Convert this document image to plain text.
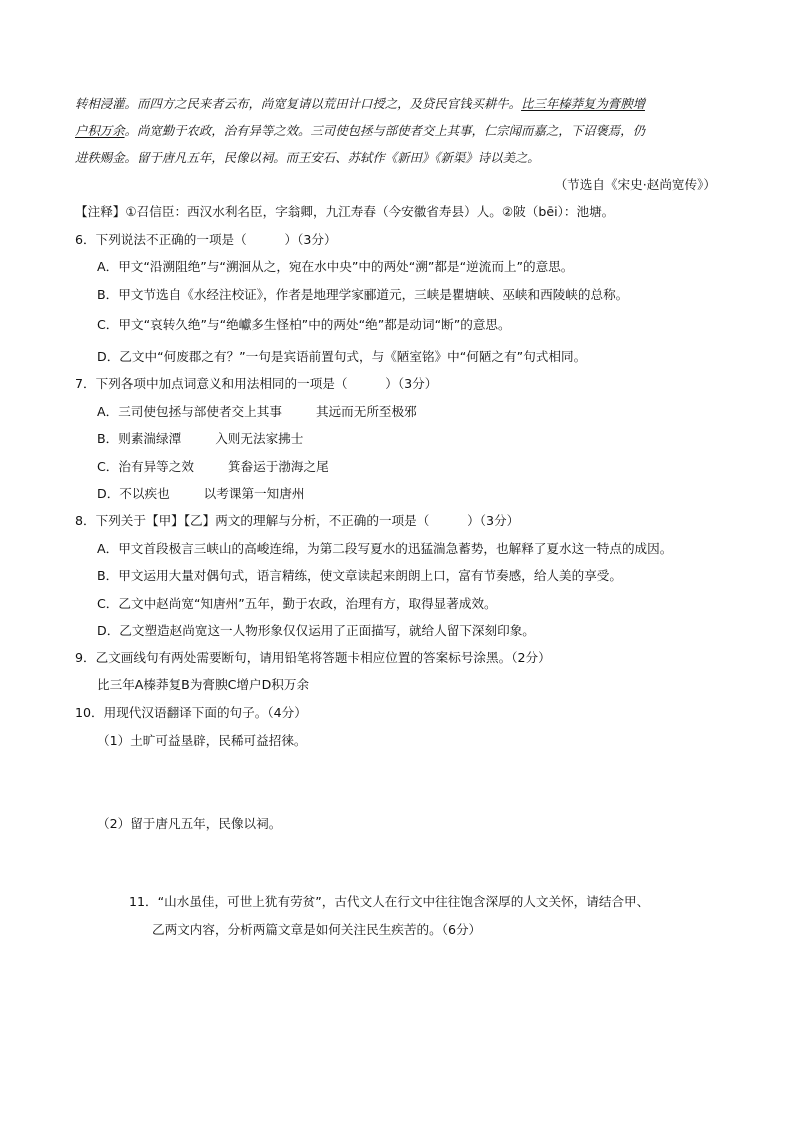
转相浸灌。而四方之民来者云布，尚宽复请以荒田计口授之，及贷民官钱买耕牛。比三年榛莽复为膏腴增
户积万余。尚宽勤于农政，治有异等之效。三司使包拯与部使者交上其事，仁宗闻而嘉之，下诏褒焉，仍
进秩赐金。留于唐凡五年，民像以祠。而王安石、苏轼作《新田》《新渠》诗以美之。
（节选自《宋史·赵尚宽传》）
【注释】①召信臣：西汉水利名臣，字翁卿，九江寿春（今安徽省寿县）人。②陂（bēi）：池塘。
6．下列说法不正确的一项是（　　　）（3分）
A．甲文“沿溯阻绝”与“溯洄从之，宛在水中央”中的两处“溯”都是“逆流而上”的意思。
B．甲文节选自《水经注校证》，作者是地理学家郦道元，三峡是瞿塘峡、巫峡和西陵峡的总称。
C．甲文“哀转久绝”与“绝巘多生怪柏”中的两处“绝”都是动词“断”的意思。
D．乙文中“何废郡之有？”一句是宾语前置句式，与《陋室铭》中“何陋之有”句式相同。
7．下列各项中加点词意义和用法相同的一项是（　　　）（3分）
A．三司使包拯与部使者交上其事	其远而无所至极邪
B．则素湍绿潭	入则无法家拂士
C．治有异等之效	箕畚运于渤海之尾
D．不以疾也	以考课第一知唐州
8．下列关于【甲】【乙】两文的理解与分析，不正确的一项是（　　　）（3分）
A．甲文首段极言三峡山的高峻连绵，为第二段写夏水的迅猛湍急蓄势，也解释了夏水这一特点的成因。
B．甲文运用大量对偶句式，语言精练，使文章读起来朗朗上口，富有节奏感，给人美的享受。
C．乙文中赵尚宽“知唐州”五年，勤于农政，治理有方，取得显著成效。
D．乙文塑造赵尚宽这一人物形象仅仅运用了正面描写，就给人留下深刻印象。
9．乙文画线句有两处需要断句，请用铅笔将答题卡相应位置的答案标号涂黑。（2分）
比三年A榛莽复B为膏腴C增户D积万余
10．用现代汉语翻译下面的句子。（4分）
（1）土旷可益垦辟，民稀可益招徕。
（2）留于唐凡五年，民像以祠。
11．“山水虽佳，可世上犹有劳贫”，古代文人在行文中往往饱含深厚的人文关怀，请结合甲、
乙两文内容，分析两篇文章是如何关注民生疾苦的。（6分）
